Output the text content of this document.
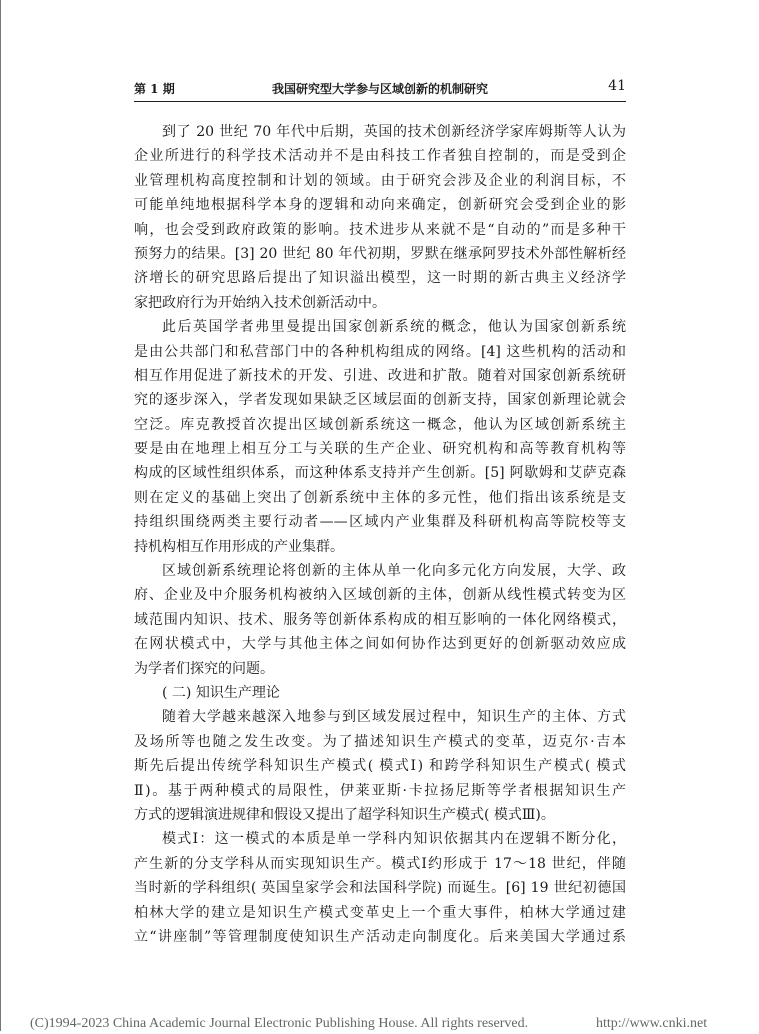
第 1 期	我国研究型大学参与区域创新的机制研究	41
到了 20 世纪 70 年代中后期，英国的技术创新经济学家库姆斯等人认为
企业所进行的科学技术活动并不是由科技工作者独自控制的，而是受到企
业管理机构高度控制和计划的领域。由于研究会涉及企业的利润目标，不
可能单纯地根据科学本身的逻辑和动向来确定，创新研究会受到企业的影
响，也会受到政府政策的影响。技术进步从来就不是“自动的”而是多种干
预努力的结果。[3] 20 世纪 80 年代初期，罗默在继承阿罗技术外部性解析经
济增长的研究思路后提出了知识溢出模型，这一时期的新古典主义经济学
家把政府行为开始纳入技术创新活动中。
此后英国学者弗里曼提出国家创新系统的概念，他认为国家创新系统
是由公共部门和私营部门中的各种机构组成的网络。[4] 这些机构的活动和
相互作用促进了新技术的开发、引进、改进和扩散。随着对国家创新系统研
究的逐步深入，学者发现如果缺乏区域层面的创新支持，国家创新理论就会
空泛。库克教授首次提出区域创新系统这一概念，他认为区域创新系统主
要是由在地理上相互分工与关联的生产企业、研究机构和高等教育机构等
构成的区域性组织体系，而这种体系支持并产生创新。[5] 阿歇姆和艾萨克森
则在定义的基础上突出了创新系统中主体的多元性，他们指出该系统是支
持组织围绕两类主要行动者——区域内产业集群及科研机构高等院校等支
持机构相互作用形成的产业集群。
区域创新系统理论将创新的主体从单一化向多元化方向发展，大学、政
府、企业及中介服务机构被纳入区域创新的主体，创新从线性模式转变为区
域范围内知识、技术、服务等创新体系构成的相互影响的一体化网络模式，
在网状模式中，大学与其他主体之间如何协作达到更好的创新驱动效应成
为学者们探究的问题。
( 二) 知识生产理论
随着大学越来越深入地参与到区域发展过程中，知识生产的主体、方式
及场所等也随之发生改变。为了描述知识生产模式的变革，迈克尔·吉本
斯先后提出传统学科知识生产模式( 模式Ⅰ) 和跨学科知识生产模式( 模式
Ⅱ)。基于两种模式的局限性，伊莱亚斯·卡拉扬尼斯等学者根据知识生产
方式的逻辑演进规律和假设又提出了超学科知识生产模式( 模式Ⅲ)。
模式Ⅰ：这一模式的本质是单一学科内知识依据其内在逻辑不断分化，
产生新的分支学科从而实现知识生产。模式Ⅰ约形成于 17～18 世纪，伴随
当时新的学科组织( 英国皇家学会和法国科学院) 而诞生。[6] 19 世纪初德国
柏林大学的建立是知识生产模式变革史上一个重大事件，柏林大学通过建
立“讲座制”等管理制度使知识生产活动走向制度化。后来美国大学通过系
(C)1994-2023 China Academic Journal Electronic Publishing House. All rights reserved.	http://www.cnki.net
